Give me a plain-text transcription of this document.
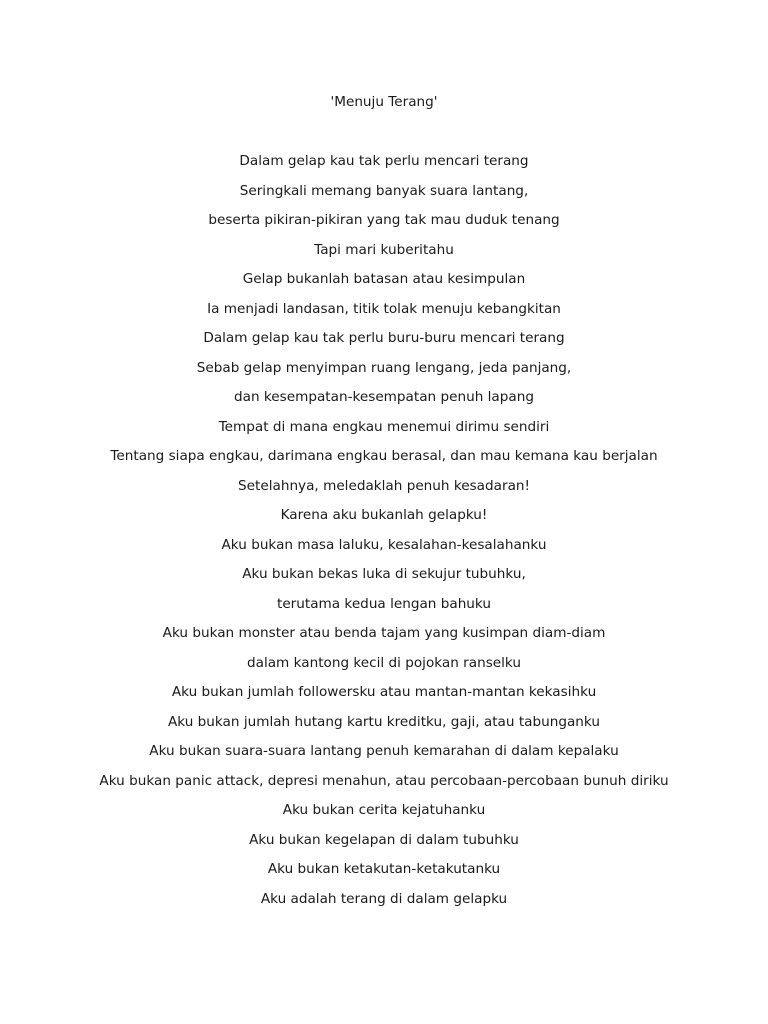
'Menuju Terang'
Dalam gelap kau tak perlu mencari terang
Seringkali memang banyak suara lantang,
beserta pikiran-pikiran yang tak mau duduk tenang
Tapi mari kuberitahu
Gelap bukanlah batasan atau kesimpulan
Ia menjadi landasan, titik tolak menuju kebangkitan
Dalam gelap kau tak perlu buru-buru mencari terang
Sebab gelap menyimpan ruang lengang, jeda panjang,
dan kesempatan-kesempatan penuh lapang
Tempat di mana engkau menemui dirimu sendiri
Tentang siapa engkau, darimana engkau berasal, dan mau kemana kau berjalan
Setelahnya, meledaklah penuh kesadaran!
Karena aku bukanlah gelapku!
Aku bukan masa laluku, kesalahan-kesalahanku
Aku bukan bekas luka di sekujur tubuhku,
terutama kedua lengan bahuku
Aku bukan monster atau benda tajam yang kusimpan diam-diam
dalam kantong kecil di pojokan ranselku
Aku bukan jumlah followersku atau mantan-mantan kekasihku
Aku bukan jumlah hutang kartu kreditku, gaji, atau tabunganku
Aku bukan suara-suara lantang penuh kemarahan di dalam kepalaku
Aku bukan panic attack, depresi menahun, atau percobaan-percobaan bunuh diriku
Aku bukan cerita kejatuhanku
Aku bukan kegelapan di dalam tubuhku
Aku bukan ketakutan-ketakutanku
Aku adalah terang di dalam gelapku
